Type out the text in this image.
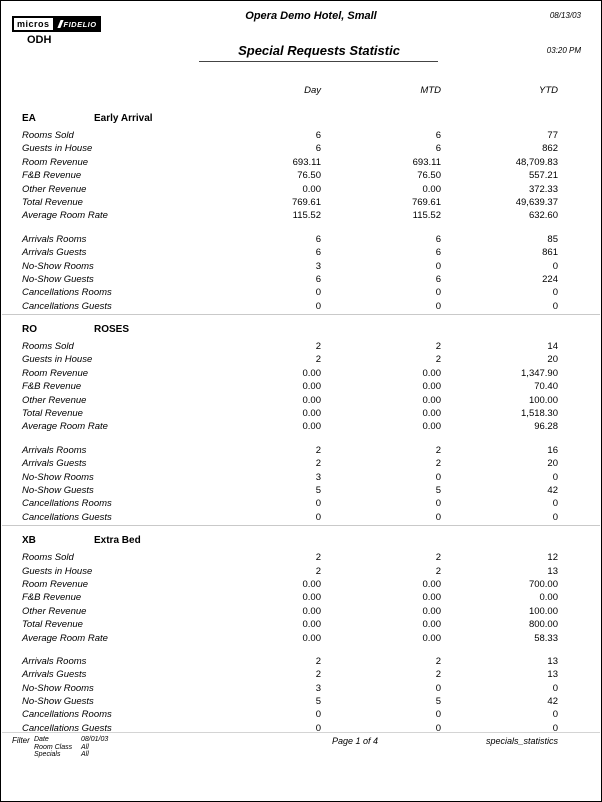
micros	FIDELIO
ODH
Opera Demo Hotel, Small
Special Requests Statistic
08/13/03
03:20 PM
Day	MTD	YTD
EA	Early Arrival
Rooms Sold	6	6	77
Guests in House	6	6	862
Room Revenue	693.11	693.11	48,709.83
F&B Revenue	76.50	76.50	557.21
Other Revenue	0.00	0.00	372.33
Total Revenue	769.61	769.61	49,639.37
Average Room Rate	115.52	115.52	632.60
Arrivals Rooms	6	6	85
Arrivals Guests	6	6	861
No-Show Rooms	3	0	0
No-Show Guests	6	6	224
Cancellations Rooms	0	0	0
Cancellations Guests	0	0	0
RO	ROSES
Rooms Sold	2	2	14
Guests in House	2	2	20
Room Revenue	0.00	0.00	1,347.90
F&B Revenue	0.00	0.00	70.40
Other Revenue	0.00	0.00	100.00
Total Revenue	0.00	0.00	1,518.30
Average Room Rate	0.00	0.00	96.28
Arrivals Rooms	2	2	16
Arrivals Guests	2	2	20
No-Show Rooms	3	0	0
No-Show Guests	5	5	42
Cancellations Rooms	0	0	0
Cancellations Guests	0	0	0
XB	Extra Bed
Rooms Sold	2	2	12
Guests in House	2	2	13
Room Revenue	0.00	0.00	700.00
F&B Revenue	0.00	0.00	0.00
Other Revenue	0.00	0.00	100.00
Total Revenue	0.00	0.00	800.00
Average Room Rate	0.00	0.00	58.33
Arrivals Rooms	2	2	13
Arrivals Guests	2	2	13
No-Show Rooms	3	0	0
No-Show Guests	5	5	42
Cancellations Rooms	0	0	0
Cancellations Guests	0	0	0
Filter Date	08/01/03
Room Class All
Specials	All
Page 1 of 4	specials_statistics
